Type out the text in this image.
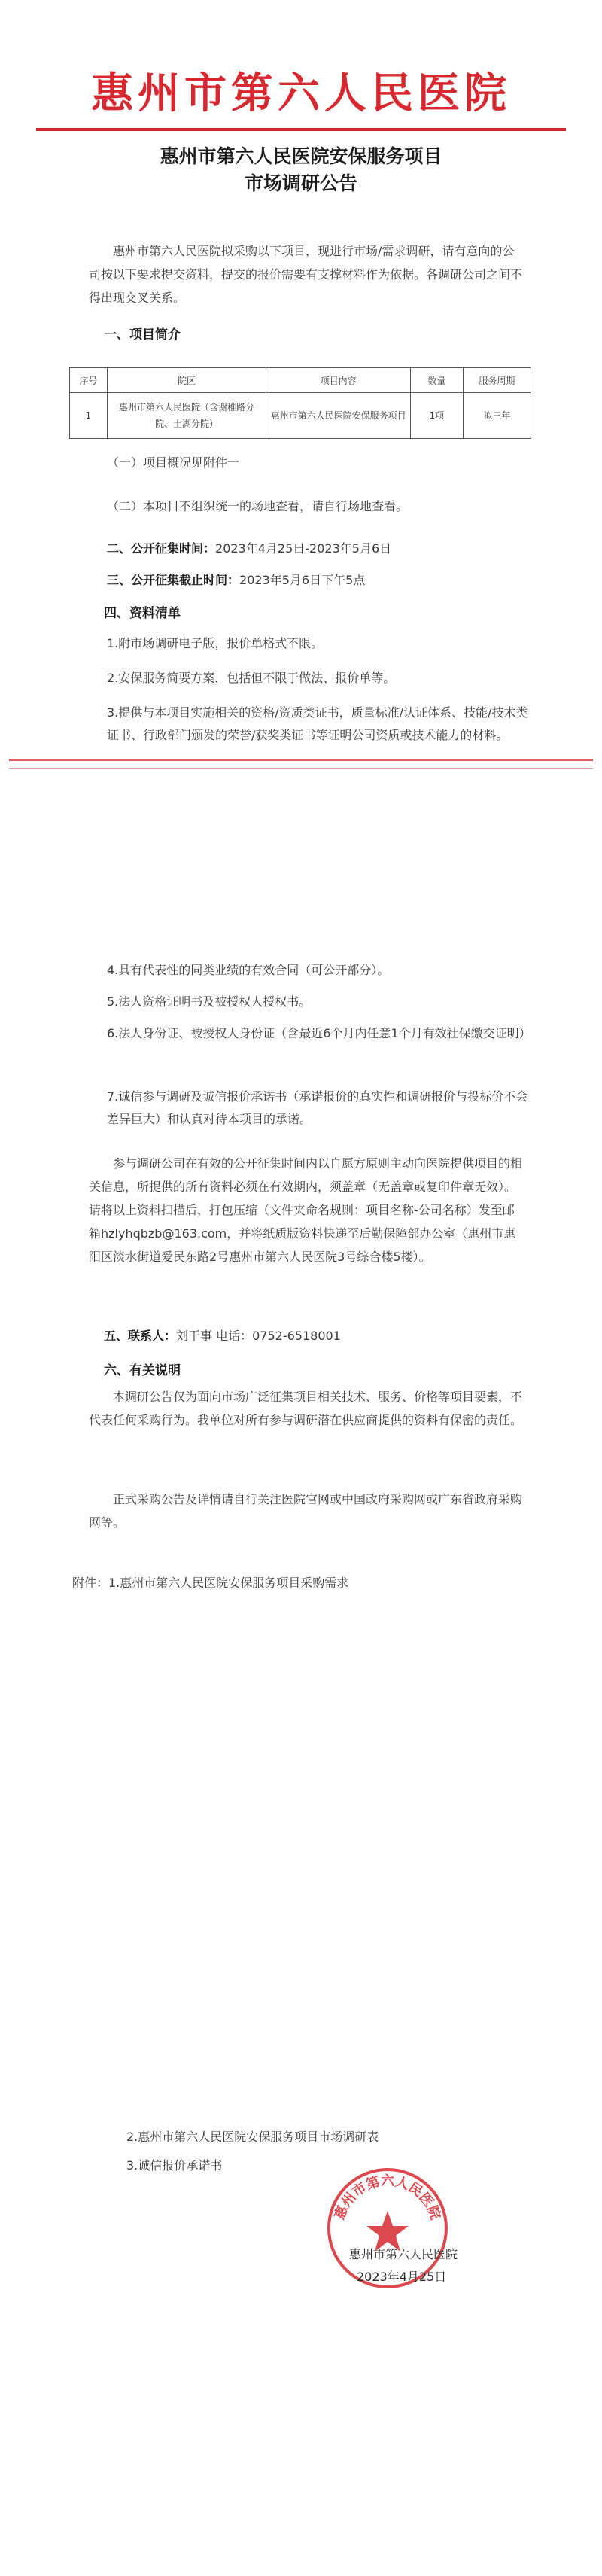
惠州市第六人民医院
惠州市第六人民医院安保服务项目
市场调研公告
惠州市第六人民医院拟采购以下项目，现进行市场/需求调研，请有意向的公司按以下要求提交资料，提交的报价需要有支撑材料作为依据。各调研公司之间不得出现交叉关系。
一、项目简介
序号	院区	项目内容	数量	服务周期
1	惠州市第六人民医院（含谢稚路分院、土湖分院）	惠州市第六人民医院安保服务项目	1项	拟三年
（一）项目概况见附件一
（二）本项目不组织统一的场地查看，请自行场地查看。
二、公开征集时间：2023年4月25日-2023年5月6日
三、公开征集截止时间：2023年5月6日下午5点
四、资料清单
1.附市场调研电子版，报价单格式不限。
2.安保服务简要方案，包括但不限于做法、报价单等。
3.提供与本项目实施相关的资格/资质类证书，质量标准/认证体系、技能/技术类证书、行政部门颁发的荣誉/获奖类证书等证明公司资质或技术能力的材料。
4.具有代表性的同类业绩的有效合同（可公开部分）。
5.法人资格证明书及被授权人授权书。
6.法人身份证、被授权人身份证（含最近6个月内任意1个月有效社保缴交证明）
7.诚信参与调研及诚信报价承诺书（承诺报价的真实性和调研报价与投标价不会差异巨大）和认真对待本项目的承诺。
参与调研公司在有效的公开征集时间内以自愿方原则主动向医院提供项目的相关信息，所提供的所有资料必须在有效期内，须盖章（无盖章或复印件章无效）。请将以上资料扫描后，打包压缩（文件夹命名规则：项目名称-公司名称）发至邮箱hzlyhqbzb@163.com，并将纸质版资料快递至后勤保障部办公室（惠州市惠阳区淡水街道爱民东路2号惠州市第六人民医院3号综合楼5楼）。
五、联系人：刘干事 电话：0752-6518001
六、有关说明
本调研公告仅为面向市场广泛征集项目相关技术、服务、价格等项目要素，不代表任何采购行为。我单位对所有参与调研潜在供应商提供的资料有保密的责任。
正式采购公告及详情请自行关注医院官网或中国政府采购网或广东省政府采购网等。
附件：1.惠州市第六人民医院安保服务项目采购需求
2.惠州市第六人民医院安保服务项目市场调研表
3.诚信报价承诺书
惠州市第六人民医院
惠州市第六人民医院
2023年4月25日
